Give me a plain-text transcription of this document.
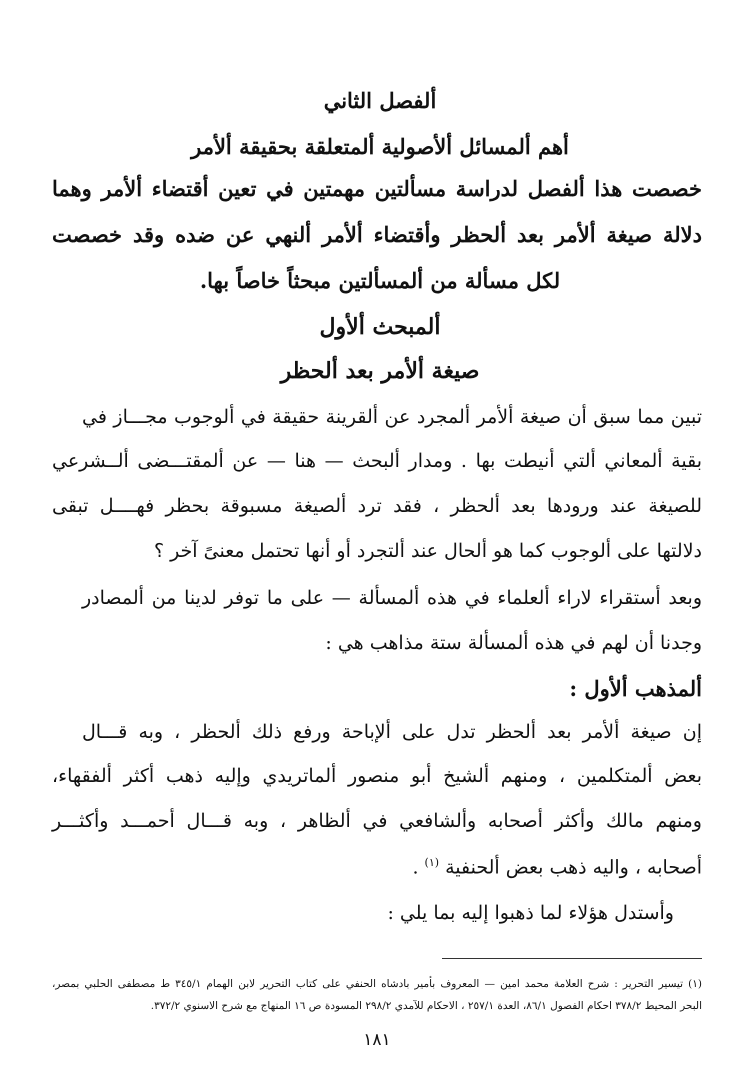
ألفصل الثاني
أهم ألمسائل ألأصولية ألمتعلقة بحقيقة ألأمر
خصصت هذا ألفصل لدراسة مسألتين مهمتين في تعين أقتضاء ألأمر وهما
دلالة صيغة ألأمر بعد ألحظر وأقتضاء ألأمر ألنهي عن ضده وقد خصصت
لكل مسألة من ألمسألتين مبحثاً خاصاً بها.
ألمبحث ألأول
صيغة ألأمر بعد ألحظر
تبين مما سبق أن صيغة ألأمر ألمجرد عن ألقرينة حقيقة في ألوجوب مجـــاز في
بقية ألمعاني ألتي أنيطت بها . ومدار ألبحث — هنا — عن ألمقتـــضى ألــشرعي
للصيغة عند ورودها بعد ألحظر ، فقد ترد ألصيغة مسبوقة بحظر فهــــل تبقى
دلالتها على ألوجوب كما هو ألحال عند ألتجرد أو أنها تحتمل معنىً آخر ؟
وبعد أستقراء لاراء ألعلماء في هذه ألمسألة — على ما توفر لدينا من ألمصادر
وجدنا أن لهم في هذه ألمسألة ستة مذاهب هي :
ألمذهب ألأول :
إن صيغة ألأمر بعد ألحظر تدل على ألإباحة ورفع ذلك ألحظر ، وبه قـــال
بعض ألمتكلمين ، ومنهم ألشيخ أبو منصور ألماتريدي وإليه ذهب أكثر ألفقهاء،
ومنهم مالك وأكثر أصحابه وألشافعي في ألظاهر ، وبه قـــال أحمـــد وأكثـــر
أصحابه ، واليه ذهب بعض ألحنفية $^{(١)}$ .
وأستدل هؤلاء لما ذهبوا إليه بما يلي :
(١) تيسير التحرير : شرح العلامة محمد امين — المعروف بأمير بادشاه الحنفي على كتاب التحرير لابن الهمام ٣٤٥/١ ط مصطفى الحلبي بمصر،
البحر المحيط ٣٧٨/٢ احكام الفصول ٨٦/١، العدة ٢٥٧/١ ، الاحكام للآمدي ٢٩٨/٢ المسودة ص ١٦ المنهاج مع شرح الاسنوي ٣٧٢/٢.
١٨١
